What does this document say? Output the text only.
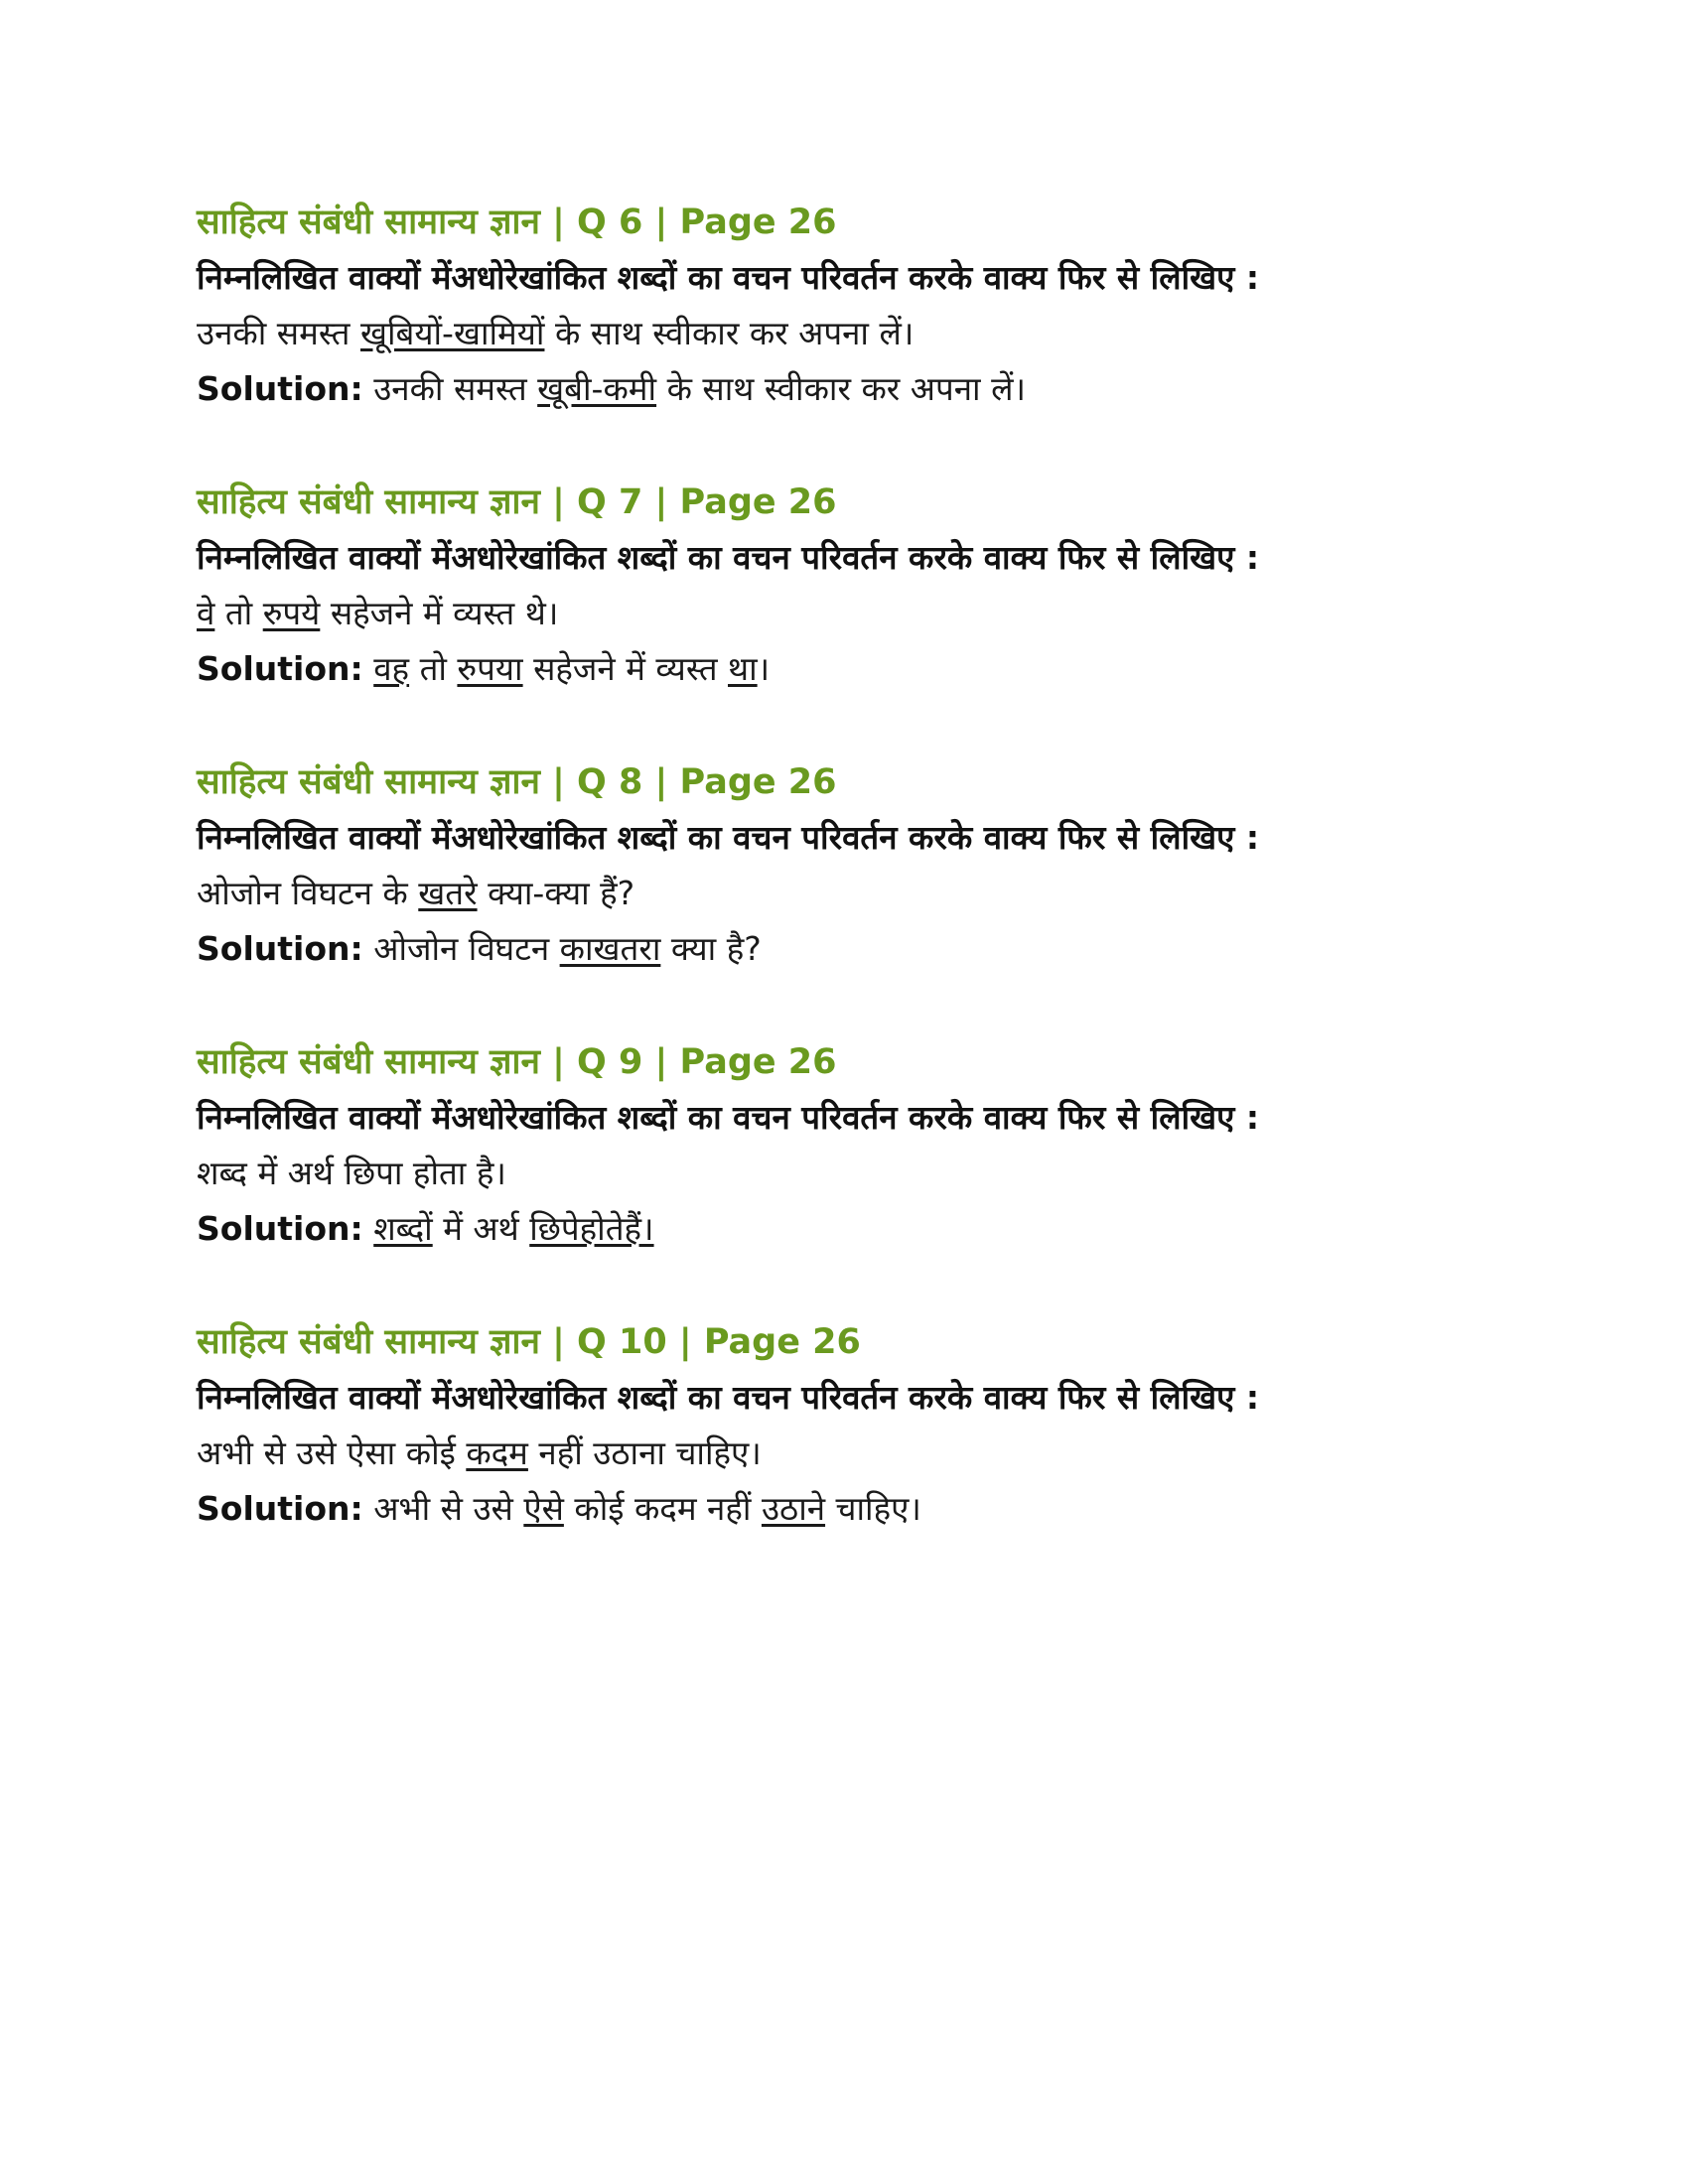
साहित्य संबंधी सामान्य ज्ञान | Q 6 | Page 26
निम्नलिखित वाक्यों मेंअधोरेखांकित शब्दों का वचन परिवर्तन करके वाक्य फिर से लिखिए :
उनकी समस्त खूबियों-खामियों के साथ स्वीकार कर अपना लें।
Solution: उनकी समस्त खूबी-कमी के साथ स्वीकार कर अपना लें।
साहित्य संबंधी सामान्य ज्ञान | Q 7 | Page 26
निम्नलिखित वाक्यों मेंअधोरेखांकित शब्दों का वचन परिवर्तन करके वाक्य फिर से लिखिए :
वे तो रुपये सहेजने में व्यस्त थे।
Solution: वह तो रुपया सहेजने में व्यस्त था।
साहित्य संबंधी सामान्य ज्ञान | Q 8 | Page 26
निम्नलिखित वाक्यों मेंअधोरेखांकित शब्दों का वचन परिवर्तन करके वाक्य फिर से लिखिए :
ओजोन विघटन के खतरे क्या-क्या हैं?
Solution: ओजोन विघटन काखतरा क्या है?
साहित्य संबंधी सामान्य ज्ञान | Q 9 | Page 26
निम्नलिखित वाक्यों मेंअधोरेखांकित शब्दों का वचन परिवर्तन करके वाक्य फिर से लिखिए :
शब्द में अर्थ छिपा होता है।
Solution: शब्दों में अर्थ छिपेहोतेहैं।
साहित्य संबंधी सामान्य ज्ञान | Q 10 | Page 26
निम्नलिखित वाक्यों मेंअधोरेखांकित शब्दों का वचन परिवर्तन करके वाक्य फिर से लिखिए :
अभी से उसे ऐसा कोई कदम नहीं उठाना चाहिए।
Solution: अभी से उसे ऐसे कोई कदम नहीं उठाने चाहिए।
